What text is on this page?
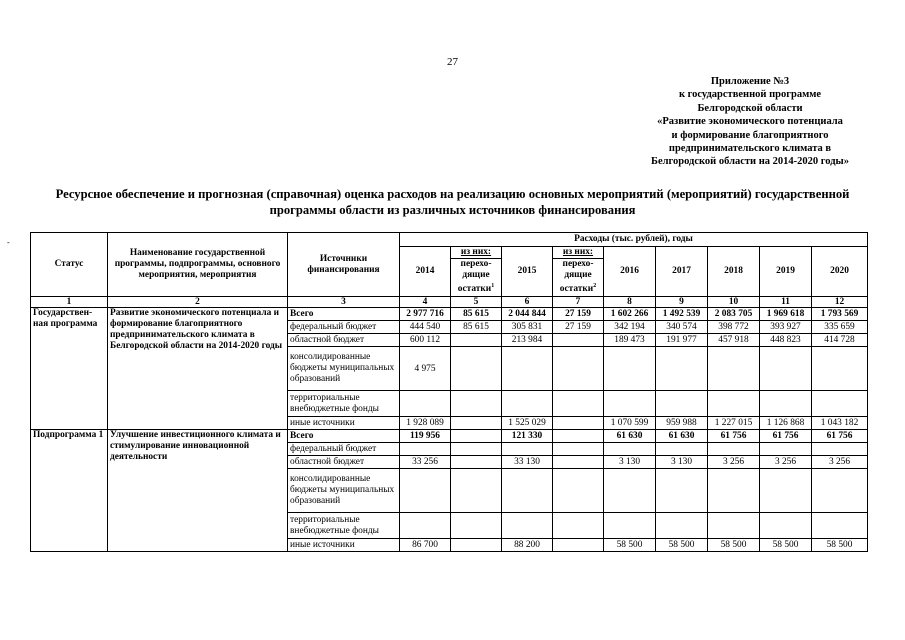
27
Приложение №3
к государственной программе
Белгородской области
«Развитие экономического потенциала
и формирование благоприятного
предпринимательского климата в
Белгородской области на 2014-2020 годы»
Ресурсное обеспечение и прогнозная (справочная) оценка расходов на реализацию основных мероприятий (мероприятий) государственной
программы области из различных источников финансирования
-
Статус	Наименование государственной программы, подпрограммы, основного мероприятия, мероприятия	Источники финансирования	Расходы (тыс. рублей), годы								
			2014	из них:	2015	из них:	2016	2017	2018	2019	2020
				перехо-дящие остатки$^1$		перехо-дящие остатки$^2$
1	2	3	4	5	6	7	8	9	10	11	12
Государствен-ная программа	Развитие экономического потенциала и формирование благоприятного предпринимательского климата в Белгородской области на 2014-2020 годы	Всего	2 977 716	85 615	2 044 844	27 159	1 602 266	1 492 539	2 083 705	1 969 618	1 793 569
		федеральный бюджет	444 540	85 615	305 831	27 159	342 194	340 574	398 772	393 927	335 659
		областной бюджет	600 112		213 984		189 473	191 977	457 918	448 823	414 728
		консолидированные бюджеты муниципальных образований	4 975								
		территориальные внебюджетные фонды									
		иные источники	1 928 089		1 525 029		1 070 599	959 988	1 227 015	1 126 868	1 043 182
Подпрограмма 1	Улучшение инвестиционного климата и стимулирование инновационной деятельности	Всего	119 956		121 330		61 630	61 630	61 756	61 756	61 756
		федеральный бюджет									
		областной бюджет	33 256		33 130		3 130	3 130	3 256	3 256	3 256
		консолидированные бюджеты муниципальных образований									
		территориальные внебюджетные фонды									
		иные источники	86 700		88 200		58 500	58 500	58 500	58 500	58 500
